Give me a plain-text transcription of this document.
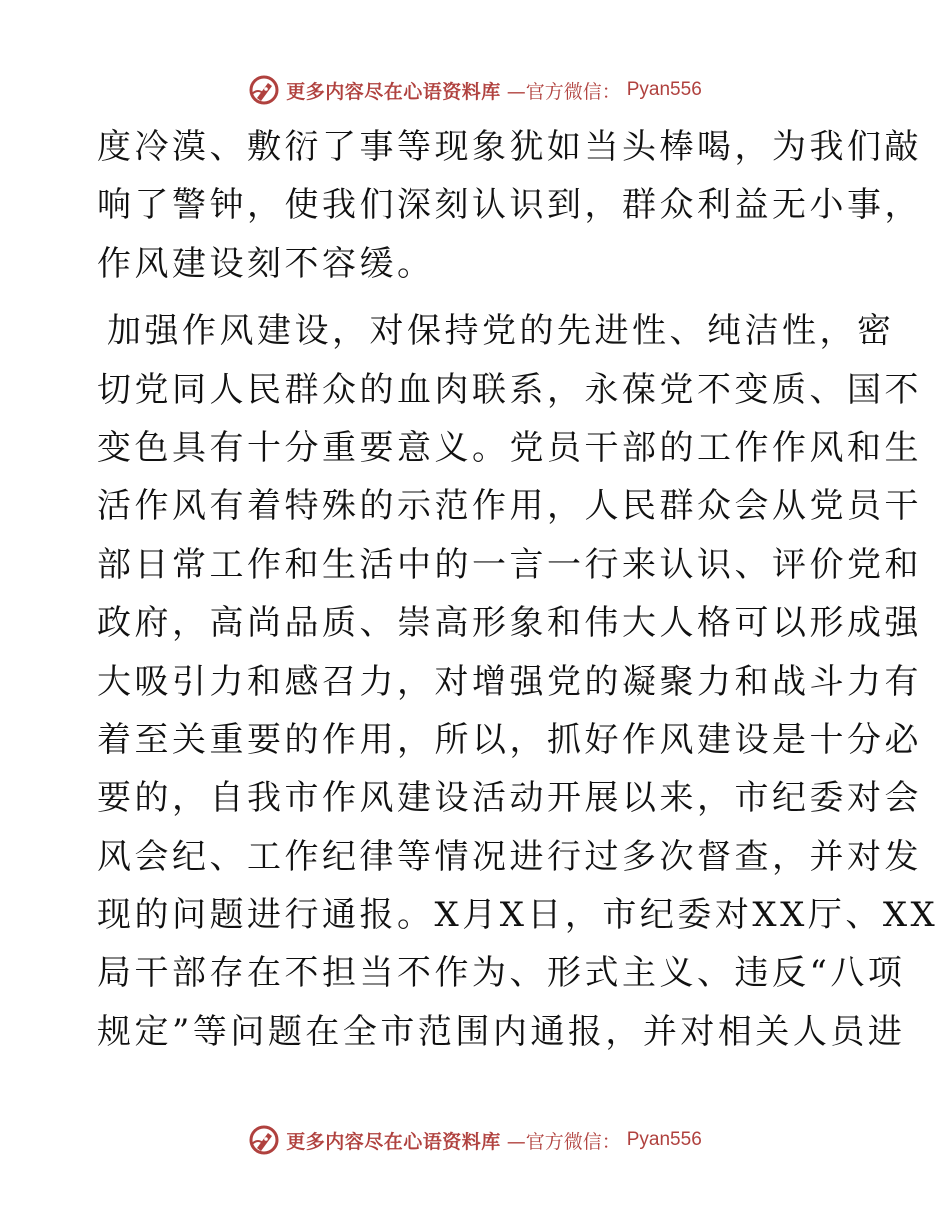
更多内容尽在心语资料库 —官方微信： Pyan556
度冷漠、敷衍了事等现象犹如当头棒喝，为我们敲
响了警钟，使我们深刻认识到，群众利益无小事，
作风建设刻不容缓。
加强作风建设，对保持党的先进性、纯洁性，密
切党同人民群众的血肉联系，永葆党不变质、国不
变色具有十分重要意义。党员干部的工作作风和生
活作风有着特殊的示范作用，人民群众会从党员干
部日常工作和生活中的一言一行来认识、评价党和
政府，高尚品质、崇高形象和伟大人格可以形成强
大吸引力和感召力，对增强党的凝聚力和战斗力有
着至关重要的作用，所以，抓好作风建设是十分必
要的，自我市作风建设活动开展以来，市纪委对会
风会纪、工作纪律等情况进行过多次督查，并对发
现的问题进行通报。X月X日，市纪委对XX厅、XX
局干部存在不担当不作为、形式主义、违反“八项
规定”等问题在全市范围内通报，并对相关人员进
更多内容尽在心语资料库 —官方微信： Pyan556
